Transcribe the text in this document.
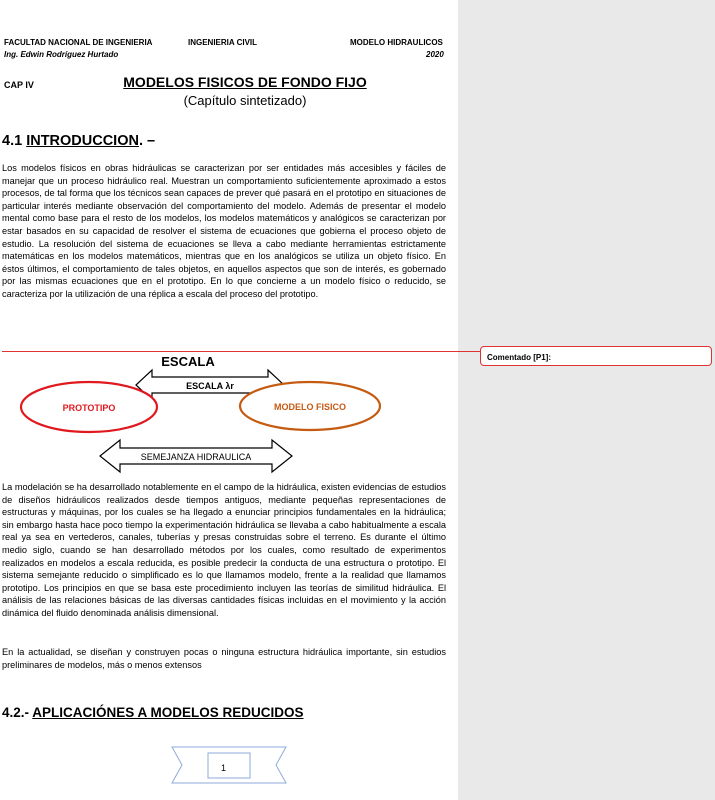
FACULTAD NACIONAL DE INGENIERIA	INGENIERIA CIVIL	MODELO HIDRAULICOS
Ing. Edwin Rodríguez Hurtado	2020
CAP IV	MODELOS FISICOS DE FONDO FIJO
(Capítulo sintetizado)
4.1 INTRODUCCION. –

Los modelos físicos en obras hidráulicas se caracterizan por ser entidades más accesibles y fáciles de manejar que un proceso hidráulico real. Muestran un comportamiento suficientemente aproximado a estos procesos, de tal forma que los técnicos sean capaces de prever qué pasará en el prototipo en situaciones de particular interés mediante observación del comportamiento del modelo. Además de presentar el modelo mental como base para el resto de los modelos, los modelos matemáticos y analógicos se caracterizan por estar basados en su capacidad de resolver el sistema de ecuaciones que gobierna el proceso objeto de estudio. La resolución del sistema de ecuaciones se lleva a cabo mediante herramientas estrictamente matemáticas en los modelos matemáticos, mientras que en los analógicos se utiliza un objeto físico. En éstos últimos, el comportamiento de tales objetos, en aquellos aspectos que son de interés, es gobernado por las mismas ecuaciones que en el prototipo. En lo que concierne a un modelo físico o reducido, se caracteriza por la utilización de una réplica a escala del proceso del prototipo.

ESCALA
ESCALA λr
PROTOTIPO	MODELO FISICO
SEMEJANZA HIDRAULICA

La modelación se ha desarrollado notablemente en el campo de la hidráulica, existen evidencias de estudios de diseños hidráulicos realizados desde tiempos antiguos, mediante pequeñas representaciones de estructuras y máquinas, por los cuales se ha llegado a enunciar principios fundamentales en la hidráulica; sin embargo hasta hace poco tiempo la experimentación hidráulica se llevaba a cabo habitualmente a escala real ya sea en vertederos, canales, tuberías y presas construidas sobre el terreno. Es durante el último medio siglo, cuando se han desarrollado métodos por los cuales, como resultado de experimentos realizados en modelos a escala reducida, es posible predecir la conducta de una estructura o prototipo. El sistema semejante reducido o simplificado es lo que llamamos modelo, frente a la realidad que llamamos prototipo. Los principios en que se basa este procedimiento incluyen las teorías de similitud hidráulica. El análisis de las relaciones básicas de las diversas cantidades físicas incluidas en el movimiento y la acción dinámica del fluido denominada análisis dimensional.

En la actualidad, se diseñan y construyen pocas o ninguna estructura hidráulica importante, sin estudios preliminares de modelos, más o menos extensos

4.2.- APLICACIÓNES A MODELOS REDUCIDOS
1
Comentado [P1]:
